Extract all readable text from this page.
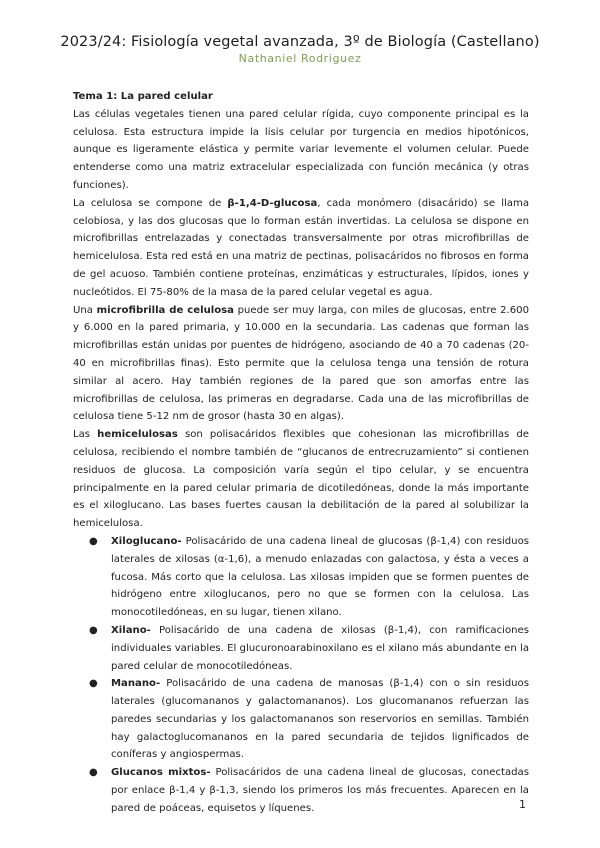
2023/24: Fisiología vegetal avanzada, 3º de Biología (Castellano)
Nathaniel Rodriguez

Tema 1: La pared celular

Las células vegetales tienen una pared celular rígida, cuyo componente principal es la celulosa. Esta estructura impide la lisis celular por turgencia en medios hipotónicos, aunque es ligeramente elástica y permite variar levemente el volumen celular. Puede entenderse como una matriz extracelular especializada con función mecánica (y otras funciones).

La celulosa se compone de β-1,4-D-glucosa, cada monómero (disacárido) se llama celobiosa, y las dos glucosas que lo forman están invertidas. La celulosa se dispone en microfibrillas entrelazadas y conectadas transversalmente por otras microfibrillas de hemicelulosa. Esta red está en una matriz de pectinas, polisacáridos no fibrosos en forma de gel acuoso. También contiene proteínas, enzimáticas y estructurales, lípidos, iones y nucleótidos. El 75-80% de la masa de la pared celular vegetal es agua.

Una microfibrilla de celulosa puede ser muy larga, con miles de glucosas, entre 2.600 y 6.000 en la pared primaria, y 10.000 en la secundaria. Las cadenas que forman las microfibrillas están unidas por puentes de hidrógeno, asociando de 40 a 70 cadenas (20-40 en microfibrillas finas). Esto permite que la celulosa tenga una tensión de rotura similar al acero. Hay también regiones de la pared que son amorfas entre las microfibrillas de celulosa, las primeras en degradarse. Cada una de las microfibrillas de celulosa tiene 5-12 nm de grosor (hasta 30 en algas).

Las hemicelulosas son polisacáridos flexibles que cohesionan las microfibrillas de celulosa, recibiendo el nombre también de “glucanos de entrecruzamiento” si contienen residuos de glucosa. La composición varía según el tipo celular, y se encuentra principalmente en la pared celular primaria de dicotiledóneas, donde la más importante es el xiloglucano. Las bases fuertes causan la debilitación de la pared al solubilizar la hemicelulosa.

● Xiloglucano- Polisacárido de una cadena lineal de glucosas (β-1,4) con residuos laterales de xilosas (α-1,6), a menudo enlazadas con galactosa, y ésta a veces a fucosa. Más corto que la celulosa. Las xilosas impiden que se formen puentes de hidrógeno entre xiloglucanos, pero no que se formen con la celulosa. Las monocotiledóneas, en su lugar, tienen xilano.
● Xilano- Polisacárido de una cadena de xilosas (β-1,4), con ramificaciones individuales variables. El glucuronoarabinoxilano es el xilano más abundante en la pared celular de monocotiledóneas.
● Manano- Polisacárido de una cadena de manosas (β-1,4) con o sin residuos laterales (glucomananos y galactomananos). Los glucomananos refuerzan las paredes secundarias y los galactomananos son reservorios en semillas. También hay galactoglucomananos en la pared secundaria de tejidos lignificados de coníferas y angiospermas.
● Glucanos mixtos- Polisacáridos de una cadena lineal de glucosas, conectadas por enlace β-1,4 y β-1,3, siendo los primeros los más frecuentes. Aparecen en la pared de poáceas, equisetos y líquenes.	1
